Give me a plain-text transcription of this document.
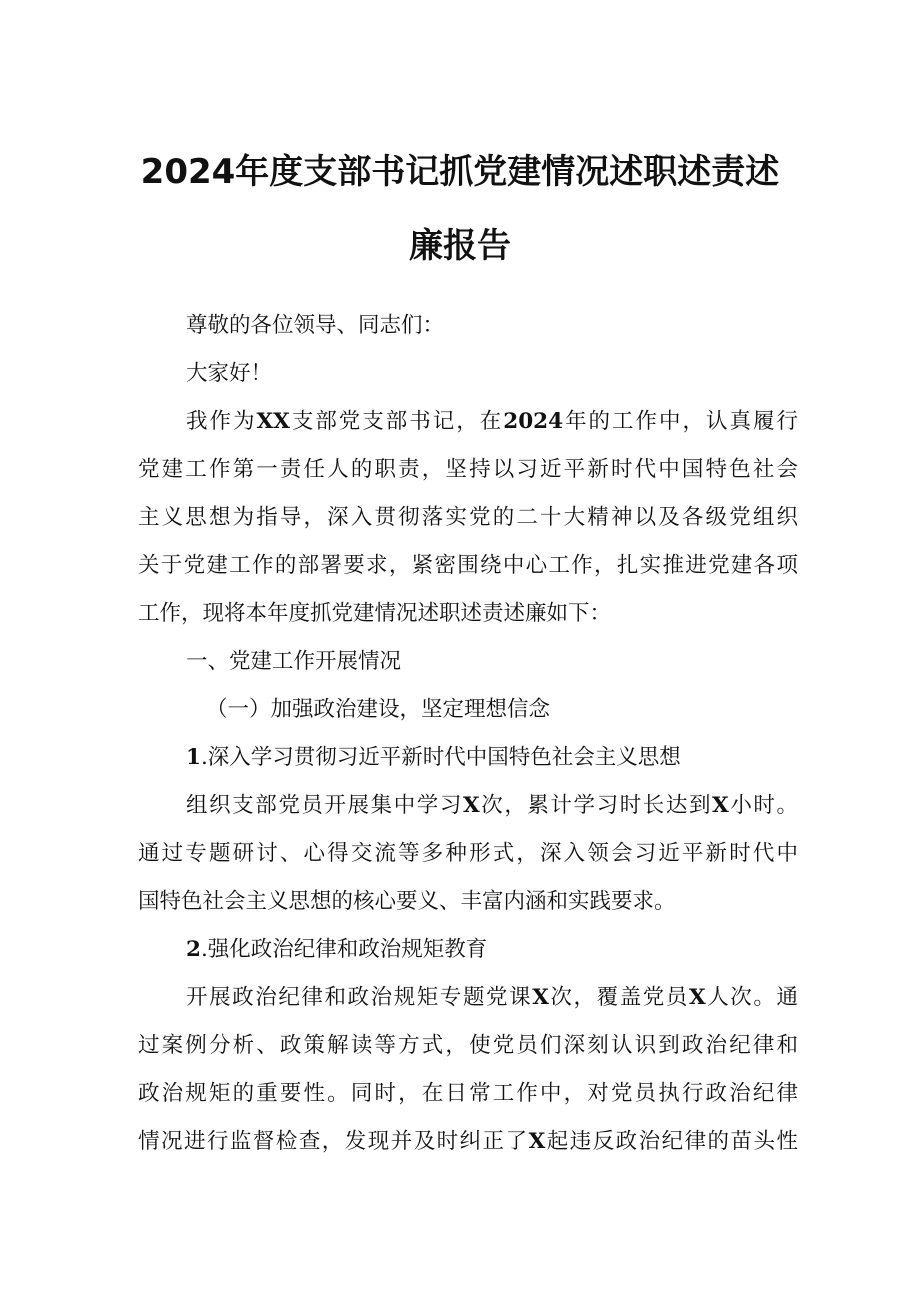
2024年度支部书记抓党建情况述职述责述
廉报告
尊敬的各位领导、同志们：
大家好！
我作为XX支部党支部书记，在2024年的工作中，认真履行
党建工作第一责任人的职责，坚持以习近平新时代中国特色社会
主义思想为指导，深入贯彻落实党的二十大精神以及各级党组织
关于党建工作的部署要求，紧密围绕中心工作，扎实推进党建各项
工作，现将本年度抓党建情况述职述责述廉如下：
一、党建工作开展情况
（一）加强政治建设，坚定理想信念
1.深入学习贯彻习近平新时代中国特色社会主义思想
组织支部党员开展集中学习X次，累计学习时长达到X小时。
通过专题研讨、心得交流等多种形式，深入领会习近平新时代中
国特色社会主义思想的核心要义、丰富内涵和实践要求。
2.强化政治纪律和政治规矩教育
开展政治纪律和政治规矩专题党课X次，覆盖党员X人次。通
过案例分析、政策解读等方式，使党员们深刻认识到政治纪律和
政治规矩的重要性。同时，在日常工作中，对党员执行政治纪律
情况进行监督检查，发现并及时纠正了X起违反政治纪律的苗头性
